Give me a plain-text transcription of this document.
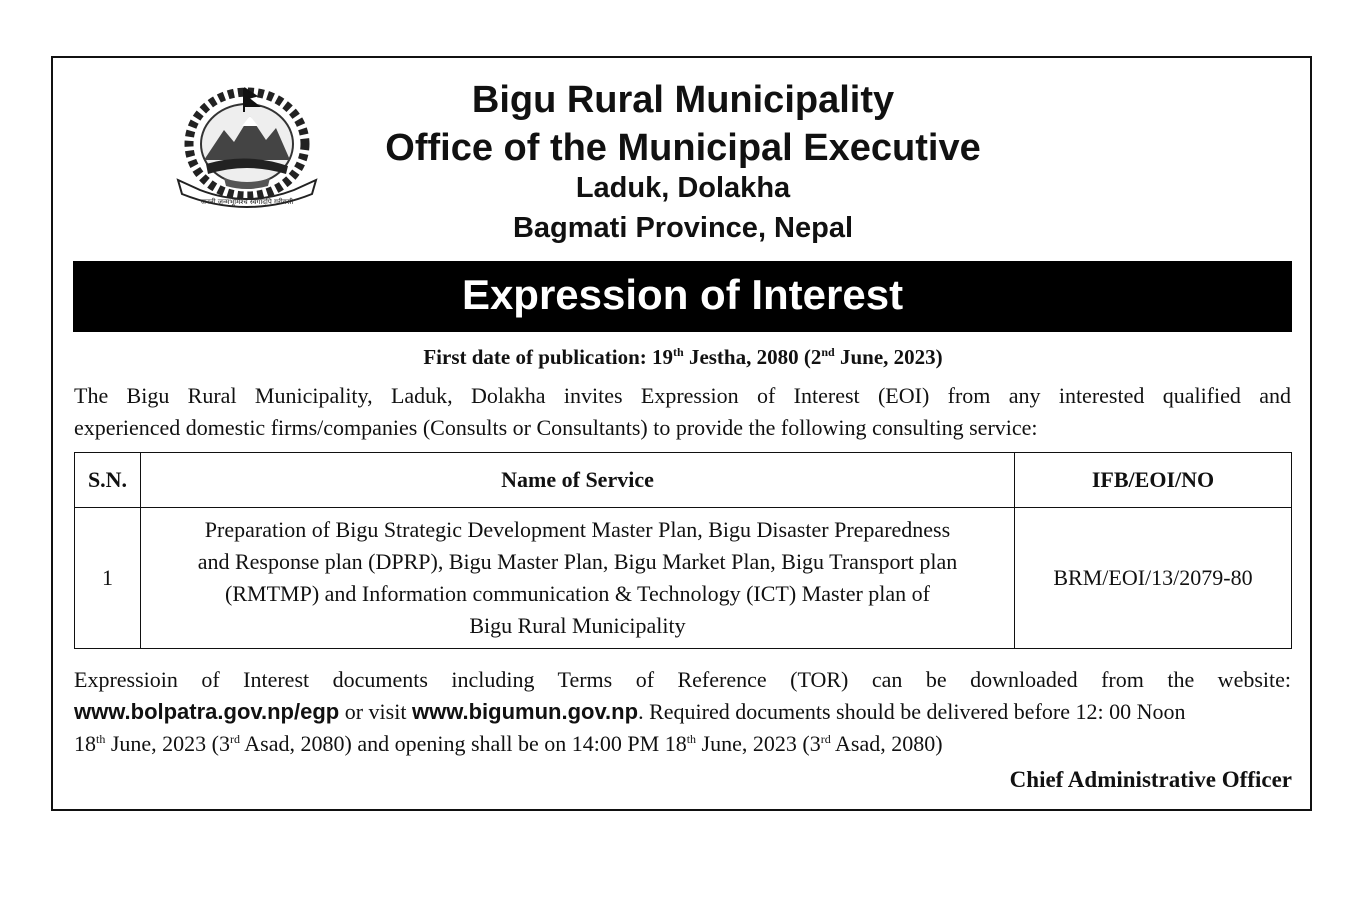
जननी जन्मभूमिश्च स्वर्गादपि गरीयसी
Bigu Rural Municipality
Office of the Municipal Executive
Laduk, Dolakha
Bagmati Province, Nepal
Expression of Interest
First date of publication: 19th Jestha, 2080 (2nd June, 2023)
The Bigu Rural Municipality, Laduk, Dolakha invites Expression of Interest (EOI) from any interested qualified and
experienced domestic firms/companies (Consults or Consultants) to provide the following consulting service:
S.N.	Name of Service	IFB/EOI/NO
1	Preparation of Bigu Strategic Development Master Plan, Bigu Disaster Preparedness
and Response plan (DPRP), Bigu Master Plan, Bigu Market Plan, Bigu Transport plan
(RMTMP) and Information communication & Technology (ICT) Master plan of
Bigu Rural Municipality	BRM/EOI/13/2079-80
Expressioin of Interest documents including Terms of Reference (TOR) can be downloaded from the website:
www.bolpatra.gov.np/egp or visit www.bigumun.gov.np. Required documents should be delivered before 12: 00 Noon
18th June, 2023 (3rd Asad, 2080) and opening shall be on 14:00 PM 18th June, 2023 (3rd Asad, 2080)
Chief Administrative Officer
